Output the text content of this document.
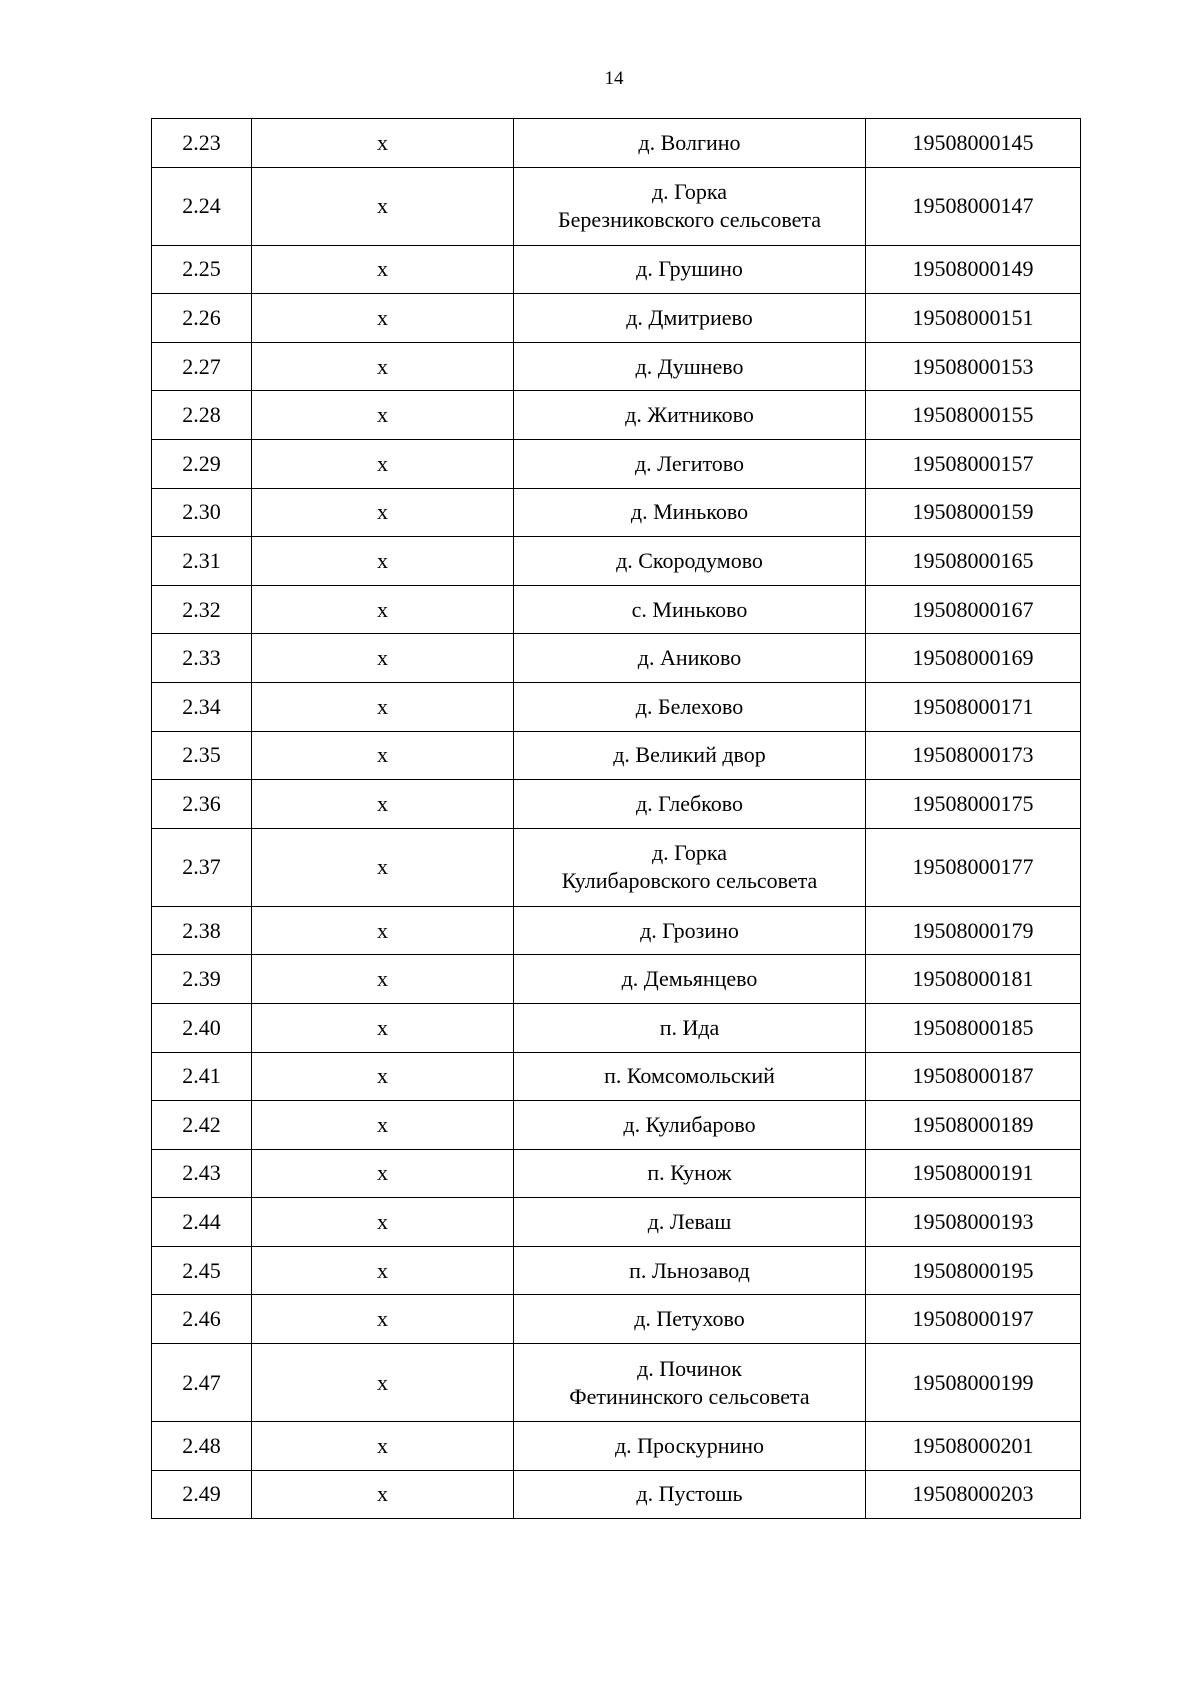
14
2.23	x	д. Волгино	19508000145
2.24	x	д. Горка
Березниковского сельсовета	19508000147
2.25	x	д. Грушино	19508000149
2.26	x	д. Дмитриево	19508000151
2.27	x	д. Душнево	19508000153
2.28	x	д. Житниково	19508000155
2.29	x	д. Легитово	19508000157
2.30	x	д. Миньково	19508000159
2.31	x	д. Скородумово	19508000165
2.32	x	с. Миньково	19508000167
2.33	x	д. Аниково	19508000169
2.34	x	д. Белехово	19508000171
2.35	x	д. Великий двор	19508000173
2.36	x	д. Глебково	19508000175
2.37	x	д. Горка
Кулибаровского сельсовета	19508000177
2.38	x	д. Грозино	19508000179
2.39	x	д. Демьянцево	19508000181
2.40	x	п. Ида	19508000185
2.41	x	п. Комсомольский	19508000187
2.42	x	д. Кулибарово	19508000189
2.43	x	п. Кунож	19508000191
2.44	x	д. Леваш	19508000193
2.45	x	п. Льнозавод	19508000195
2.46	x	д. Петухово	19508000197
2.47	x	д. Починок
Фетининского сельсовета	19508000199
2.48	x	д. Проскурнино	19508000201
2.49	x	д. Пустошь	19508000203
